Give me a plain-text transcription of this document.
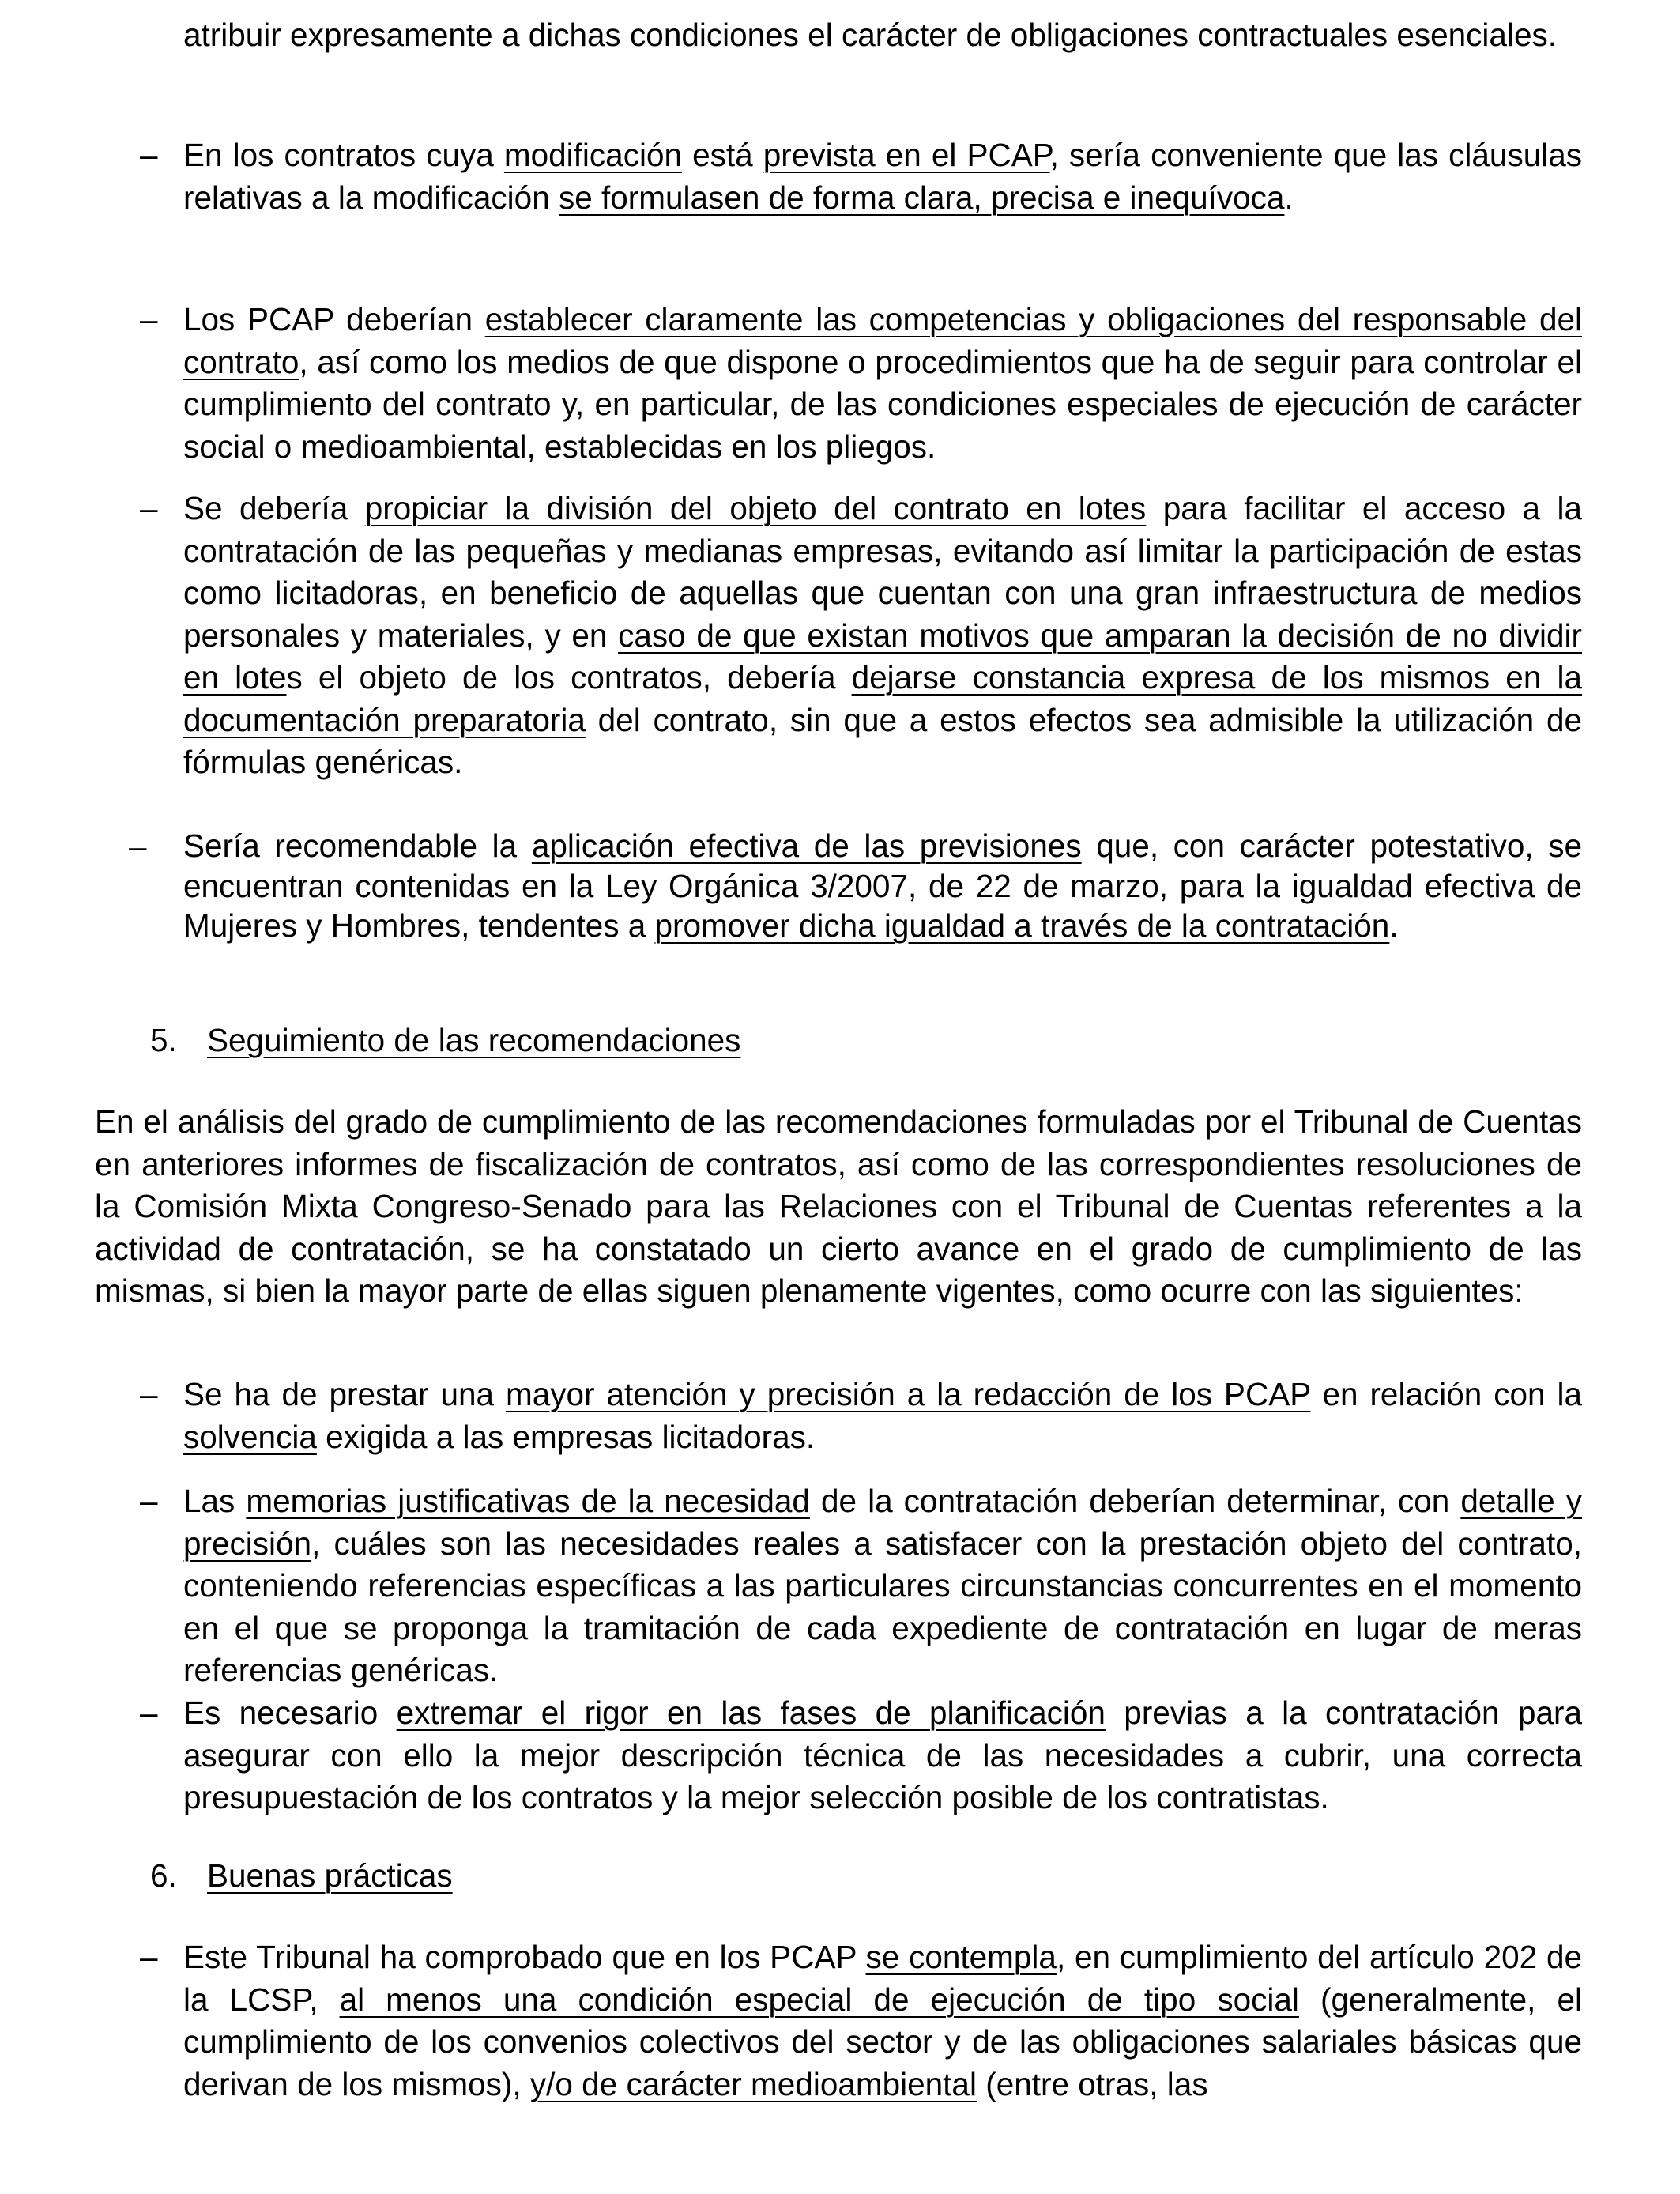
atribuir expresamente a dichas condiciones el carácter de obligaciones contractuales esenciales.

– En los contratos cuya modificación está prevista en el PCAP, sería conveniente que las cláusulas relativas a la modificación se formulasen de forma clara, precisa e inequívoca.

– Los PCAP deberían establecer claramente las competencias y obligaciones del responsable del contrato, así como los medios de que dispone o procedimientos que ha de seguir para controlar el cumplimiento del contrato y, en particular, de las condiciones especiales de ejecución de carácter social o medioambiental, establecidas en los pliegos.

– Se debería propiciar la división del objeto del contrato en lotes para facilitar el acceso a la contratación de las pequeñas y medianas empresas, evitando así limitar la participación de estas como licitadoras, en beneficio de aquellas que cuentan con una gran infraestructura de medios personales y materiales, y en caso de que existan motivos que amparan la decisión de no dividir en lotes el objeto de los contratos, debería dejarse constancia expresa de los mismos en la documentación preparatoria del contrato, sin que a estos efectos sea admisible la utilización de fórmulas genéricas.

– Sería recomendable la aplicación efectiva de las previsiones que, con carácter potestativo, se encuentran contenidas en la Ley Orgánica 3/2007, de 22 de marzo, para la igualdad efectiva de Mujeres y Hombres, tendentes a promover dicha igualdad a través de la contratación.

5. Seguimiento de las recomendaciones

En el análisis del grado de cumplimiento de las recomendaciones formuladas por el Tribunal de Cuentas en anteriores informes de fiscalización de contratos, así como de las correspondientes resoluciones de la Comisión Mixta Congreso-Senado para las Relaciones con el Tribunal de Cuentas referentes a la actividad de contratación, se ha constatado un cierto avance en el grado de cumplimiento de las mismas, si bien la mayor parte de ellas siguen plenamente vigentes, como ocurre con las siguientes:

– Se ha de prestar una mayor atención y precisión a la redacción de los PCAP en relación con la solvencia exigida a las empresas licitadoras.

– Las memorias justificativas de la necesidad de la contratación deberían determinar, con detalle y precisión, cuáles son las necesidades reales a satisfacer con la prestación objeto del contrato, conteniendo referencias específicas a las particulares circunstancias concurrentes en el momento en el que se proponga la tramitación de cada expediente de contratación en lugar de meras referencias genéricas.

– Es necesario extremar el rigor en las fases de planificación previas a la contratación para asegurar con ello la mejor descripción técnica de las necesidades a cubrir, una correcta presupuestación de los contratos y la mejor selección posible de los contratistas.

6. Buenas prácticas
– Este Tribunal ha comprobado que en los PCAP se contempla, en cumplimiento del artículo 202 de la LCSP, al menos una condición especial de ejecución de tipo social (generalmente, el cumplimiento de los convenios colectivos del sector y de las obligaciones salariales básicas que derivan de los mismos), y/o de carácter medioambiental (entre otras, las
